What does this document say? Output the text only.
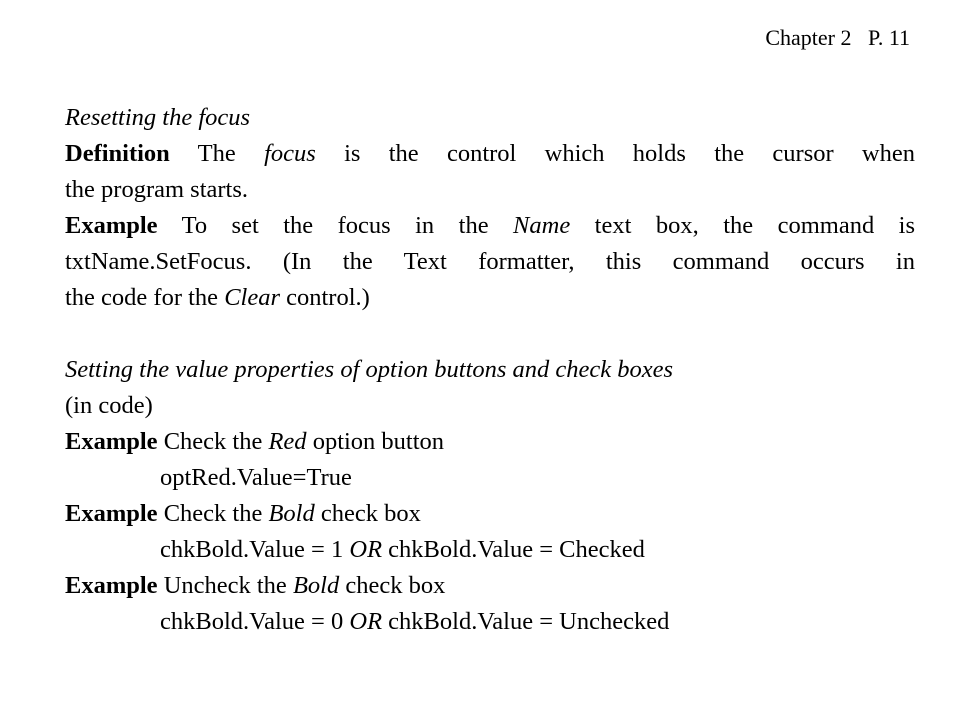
Chapter 2 P. 11
Resetting the focus
Definition The focus is the control which holds the cursor when
the program starts.
Example To set the focus in the Name text box, the command is
txtName.SetFocus. (In the Text formatter, this command occurs in
the code for the Clear control.)
Setting the value properties of option buttons and check boxes
(in code)
Example Check the Red option button
optRed.Value=True
Example Check the Bold check box
chkBold.Value = 1 OR chkBold.Value = Checked
Example Uncheck the Bold check box
chkBold.Value = 0 OR chkBold.Value = Unchecked
